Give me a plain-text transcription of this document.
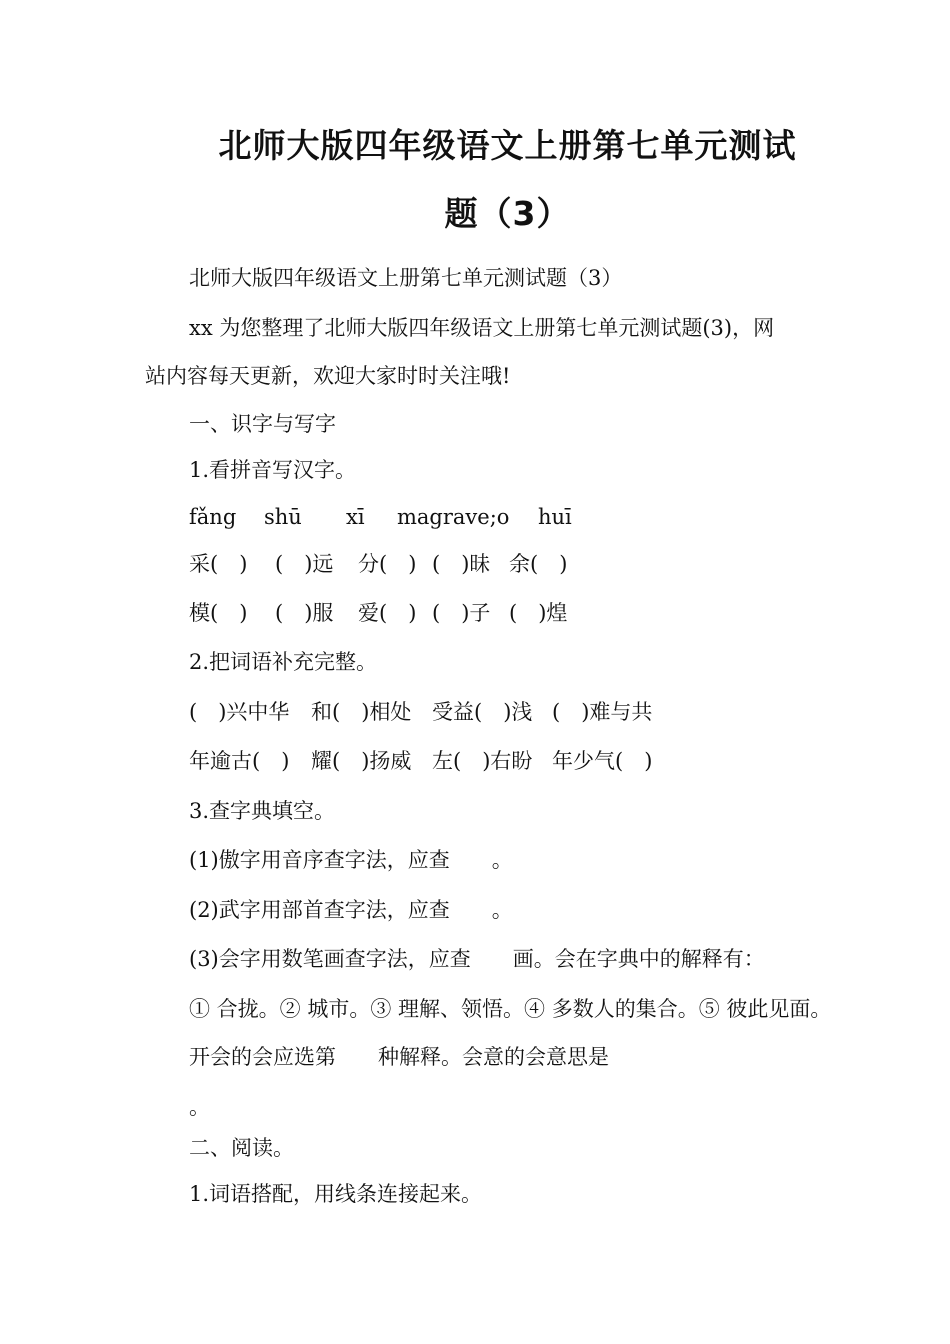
北师大版四年级语文上册第七单元测试
题（3）
北师大版四年级语文上册第七单元测试题（3）
xx 为您整理了北师大版四年级语文上册第七单元测试题(3)，网
站内容每天更新，欢迎大家时时关注哦!
一、识字与写字
1.看拼音写汉字。
fǎng shū xī magrave;o huī
采(　) (　)远 分(　) (　)昧 余(　)
模(　) (　)服 爱(　) (　)子 (　)煌
2.把词语补充完整。
(　)兴中华 和(　)相处 受益(　)浅 (　)难与共
年逾古(　) 耀(　)扬威 左(　)右盼 年少气(　)
3.查字典填空。
(1)傲字用音序查字法，应查　　。
(2)武字用部首查字法，应查　　。
(3)会字用数笔画查字法，应查　　画。会在字典中的解释有：
① 合拢。② 城市。③ 理解、领悟。④ 多数人的集合。⑤ 彼此见面。
开会的会应选第　　种解释。会意的会意思是
。
二、阅读。
1.词语搭配，用线条连接起来。
